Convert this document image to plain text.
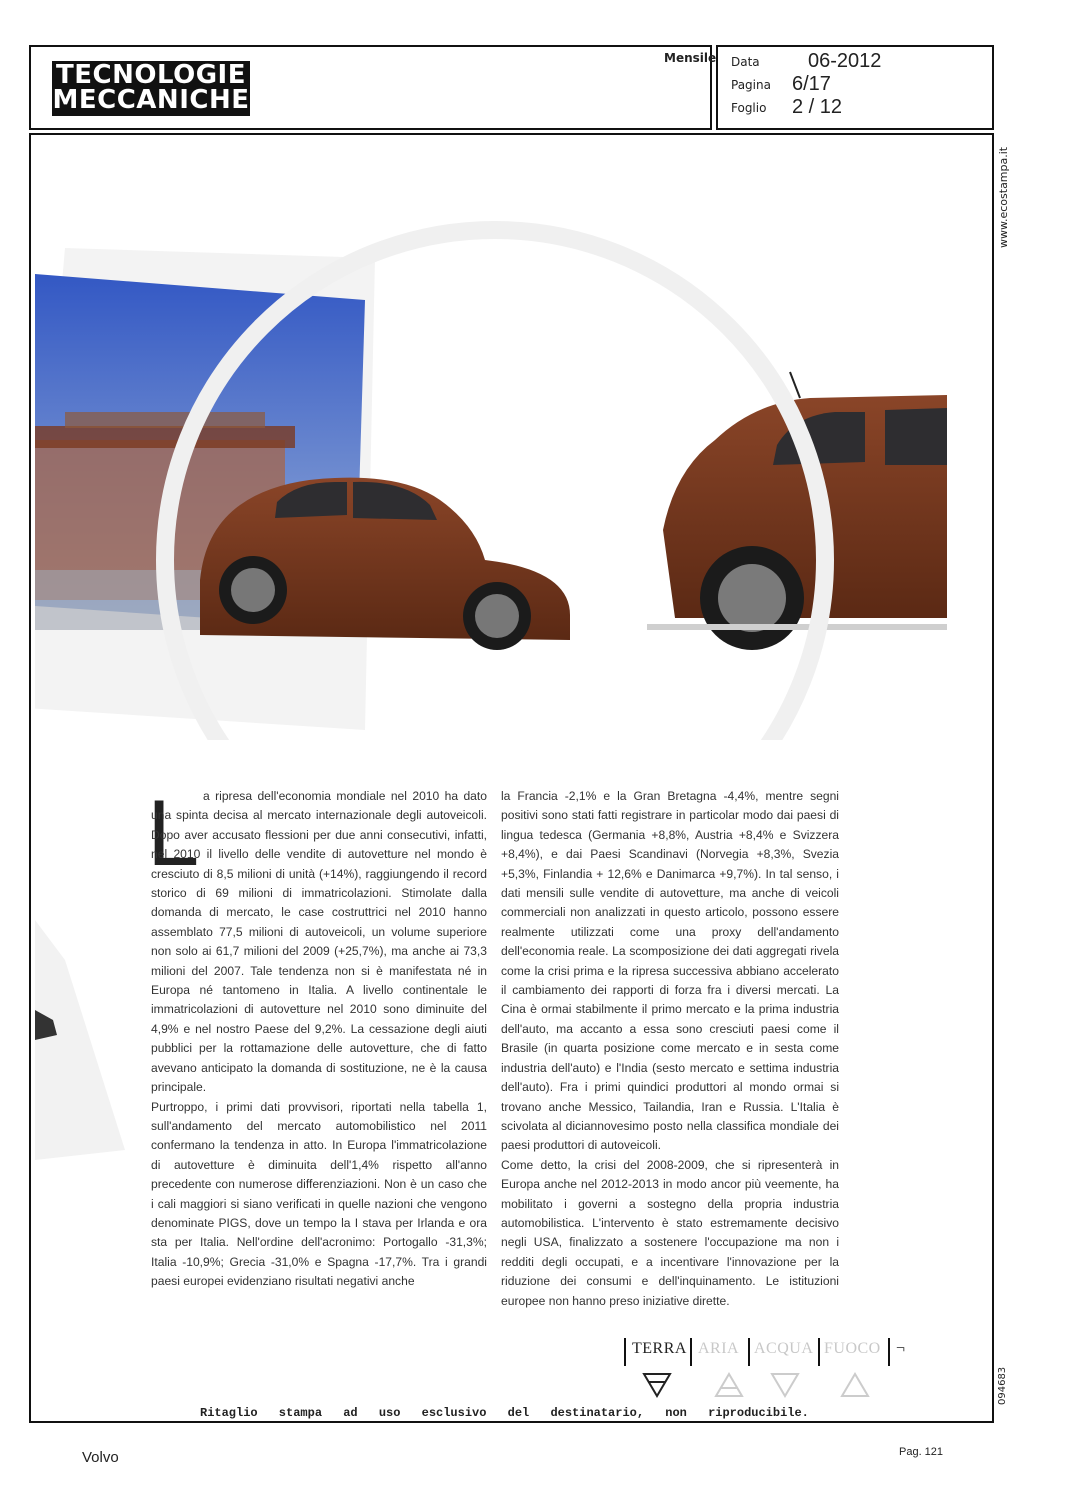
TECNOLOGIE
MECCANICHE
Mensile Data 06-2012
Pagina 6/17
Foglio 2 / 12
www.ecostampa.it
094683
L a ripresa dell'economia mondiale nel 2010 ha dato una spinta decisa al mercato internazionale degli autoveicoli. Dopo aver accusato flessioni per due anni consecutivi, infatti, nel 2010 il livello delle vendite di autovetture nel mondo è cresciuto di 8,5 milioni di unità (+14%), raggiungendo il record storico di 69 milioni di immatricolazioni. Stimolate dalla domanda di mercato, le case costruttrici nel 2010 hanno assemblato 77,5 milioni di autoveicoli, un volume superiore non solo ai 61,7 milioni del 2009 (+25,7%), ma anche ai 73,3 milioni del 2007. Tale tendenza non si è manifestata né in Europa né tantomeno in Italia. A livello continentale le immatricolazioni di autovetture nel 2010 sono diminuite del 4,9% e nel nostro Paese del 9,2%. La cessazione degli aiuti pubblici per la rottamazione delle autovetture, che di fatto avevano anticipato la domanda di sostituzione, ne è la causa principale.

Purtroppo, i primi dati provvisori, riportati nella tabella 1, sull'andamento del mercato automobilistico nel 2011 confermano la tendenza in atto. In Europa l'immatricolazione di autovetture è diminuita dell'1,4% rispetto all'anno precedente con numerose differenziazioni. Non è un caso che i cali maggiori si siano verificati in quelle nazioni che vengono denominate PIGS, dove un tempo la I stava per Irlanda e ora sta per Italia. Nell'ordine dell'acronimo: Portogallo -31,3%; Italia -10,9%; Grecia -31,0% e Spagna -17,7%. Tra i grandi paesi europei evidenziano risultati negativi anche

la Francia -2,1% e la Gran Bretagna -4,4%, mentre segni positivi sono stati fatti registrare in particolar modo dai paesi di lingua tedesca (Germania +8,8%, Austria +8,4% e Svizzera +8,4%), e dai Paesi Scandinavi (Norvegia +8,3%, Svezia +5,3%, Finlandia + 12,6% e Danimarca +9,7%). In tal senso, i dati mensili sulle vendite di autovetture, ma anche di veicoli commerciali non analizzati in questo articolo, possono essere realmente utilizzati come una proxy dell'andamento dell'economia reale. La scomposizione dei dati aggregati rivela come la crisi prima e la ripresa successiva abbiano accelerato il cambiamento dei rapporti di forza fra i diversi mercati. La Cina è ormai stabilmente il primo mercato e la prima industria dell'auto, ma accanto a essa sono cresciuti paesi come il Brasile (in quarta posizione come mercato e in sesta come industria dell'auto) e l'India (sesto mercato e settima industria dell'auto). Fra i primi quindici produttori al mondo ormai si trovano anche Messico, Tailandia, Iran e Russia. L'Italia è scivolata al diciannovesimo posto nella classifica mondiale dei paesi produttori di autoveicoli.

Come detto, la crisi del 2008-2009, che si ripresenterà in Europa anche nel 2012-2013 in modo ancor più veemente, ha mobilitato i governi a sostegno della propria industria automobilistica. L'intervento è stato estremamente decisivo negli USA, finalizzato a sostenere l'occupazione ma non i redditi degli occupati, e a incentivare l'innovazione per la riduzione dei consumi e dell'inquinamento. Le istituzioni europee non hanno preso iniziative dirette.

TERRA ARIA ACQUA FUOCO ¬
Ritaglio stampa ad uso esclusivo del destinatario, non riproducibile.
Volvo	Pag. 121
